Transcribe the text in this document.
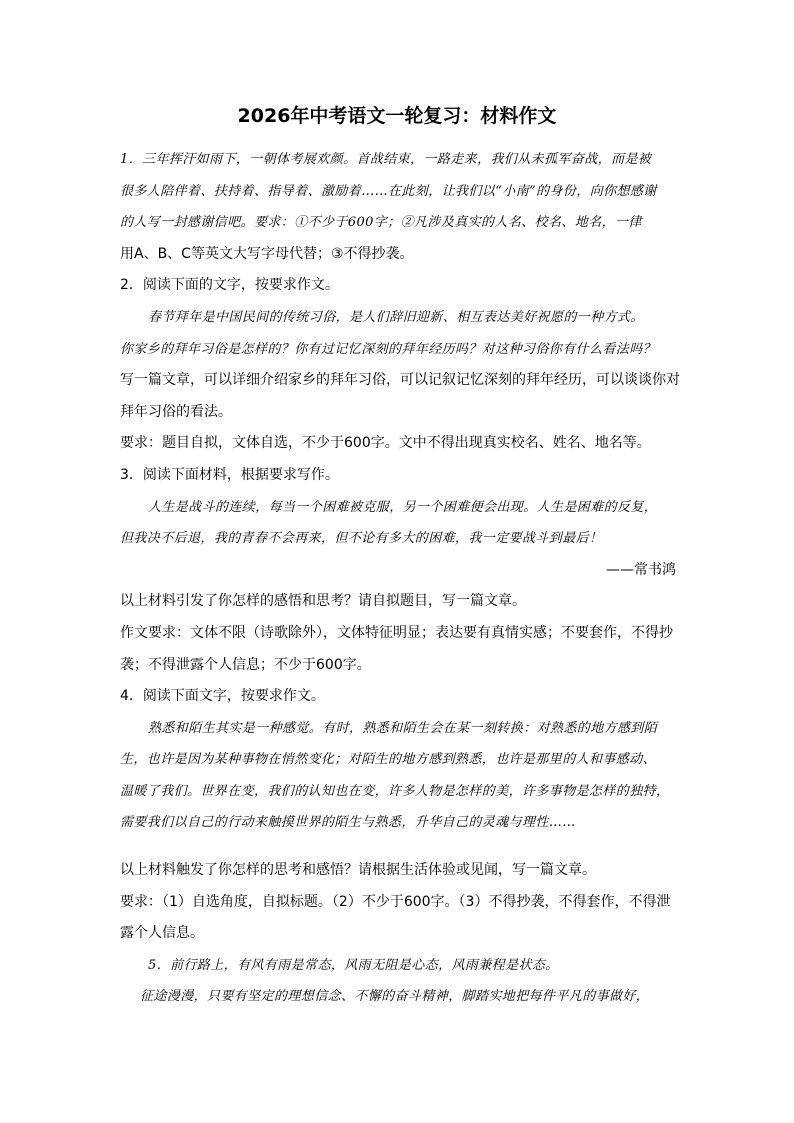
2026年中考语文一轮复习：材料作文
1．三年挥汗如雨下，一朝体考展欢颜。首战结束，一路走来，我们从未孤军奋战，而是被
很多人陪伴着、扶持着、指导着、激励着……在此刻，让我们以“小南”的身份，向你想感谢
的人写一封感谢信吧。要求：①不少于600字；②凡涉及真实的人名、校名、地名，一律
用A、B、C等英文大写字母代替；③不得抄袭。
2．阅读下面的文字，按要求作文。
春节拜年是中国民间的传统习俗，是人们辞旧迎新、相互表达美好祝愿的一种方式。
你家乡的拜年习俗是怎样的？你有过记忆深刻的拜年经历吗？对这种习俗你有什么看法吗？
写一篇文章，可以详细介绍家乡的拜年习俗，可以记叙记忆深刻的拜年经历，可以谈谈你对
拜年习俗的看法。
要求：题目自拟，文体自选，不少于600字。文中不得出现真实校名、姓名、地名等。
3．阅读下面材料，根据要求写作。
人生是战斗的连续，每当一个困难被克服，另一个困难便会出现。人生是困难的反复，
但我决不后退，我的青春不会再来，但不论有多大的困难，我一定要战斗到最后！
——常书鸿
以上材料引发了你怎样的感悟和思考？请自拟题目，写一篇文章。
作文要求：文体不限（诗歌除外），文体特征明显；表达要有真情实感；不要套作，不得抄
袭；不得泄露个人信息；不少于600字。
4．阅读下面文字，按要求作文。
熟悉和陌生其实是一种感觉。有时，熟悉和陌生会在某一刻转换：对熟悉的地方感到陌
生，也许是因为某种事物在悄然变化；对陌生的地方感到熟悉，也许是那里的人和事感动、
温暖了我们。世界在变，我们的认知也在变，许多人物是怎样的美，许多事物是怎样的独特，
需要我们以自己的行动来触摸世界的陌生与熟悉，升华自己的灵魂与理性……
以上材料触发了你怎样的思考和感悟？请根据生活体验或见闻，写一篇文章。
要求：（1）自选角度，自拟标题。（2）不少于600字。（3）不得抄袭，不得套作，不得泄
露个人信息。
5．前行路上，有风有雨是常态，风雨无阻是心态，风雨兼程是状态。
征途漫漫，只要有坚定的理想信念、不懈的奋斗精神，脚踏实地把每件平凡的事做好，
